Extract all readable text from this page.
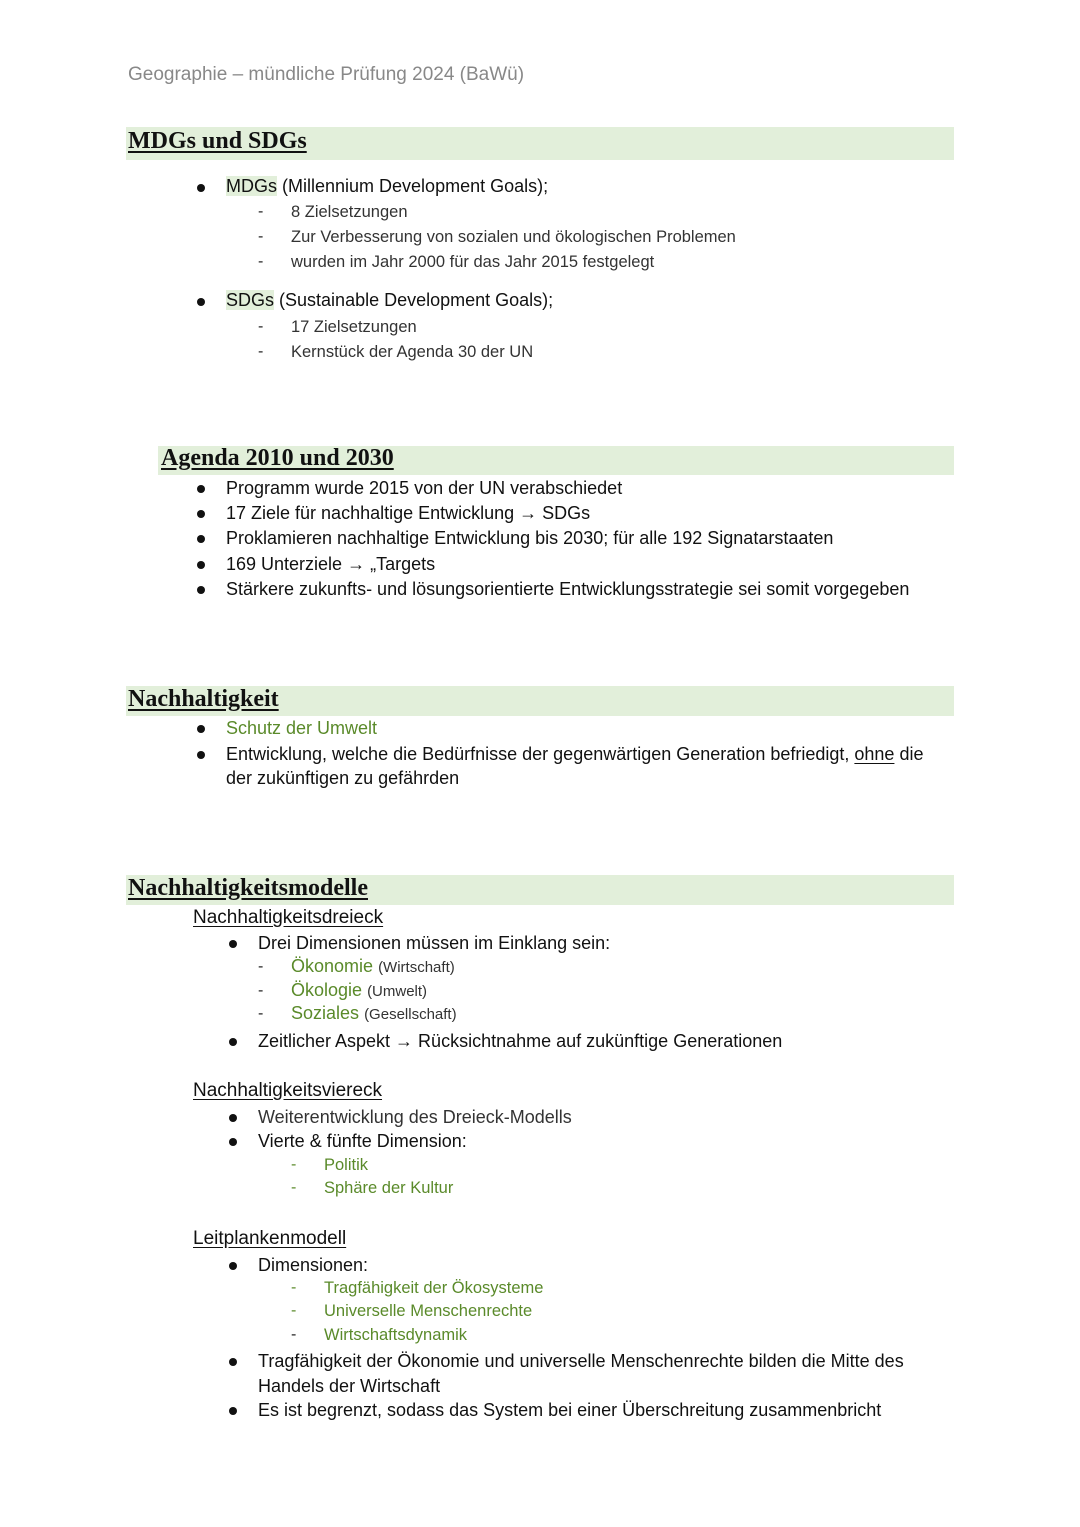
Geographie – mündliche Prüfung 2024 (BaWü)
MDGs und SDGs
MDGs (Millennium Development Goals);
- 8 Zielsetzungen
- Zur Verbesserung von sozialen und ökologischen Problemen
- wurden im Jahr 2000 für das Jahr 2015 festgelegt
SDGs (Sustainable Development Goals);
- 17 Zielsetzungen
- Kernstück der Agenda 30 der UN
Agenda 2010 und 2030
Programm wurde 2015 von der UN verabschiedet
17 Ziele für nachhaltige Entwicklung → SDGs
Proklamieren nachhaltige Entwicklung bis 2030; für alle 192 Signatarstaaten
169 Unterziele → „Targets
Stärkere zukunfts- und lösungsorientierte Entwicklungsstrategie sei somit vorgegeben
Nachhaltigkeit
Schutz der Umwelt
Entwicklung, welche die Bedürfnisse der gegenwärtigen Generation befriedigt, ohne die
der zukünftigen zu gefährden
Nachhaltigkeitsmodelle
Nachhaltigkeitsdreieck
Drei Dimensionen müssen im Einklang sein:
- Ökonomie (Wirtschaft)
- Ökologie (Umwelt)
- Soziales (Gesellschaft)
Zeitlicher Aspekt → Rücksichtnahme auf zukünftige Generationen
Nachhaltigkeitsviereck
Weiterentwicklung des Dreieck-Modells
Vierte & fünfte Dimension:
- Politik
- Sphäre der Kultur
Leitplankenmodell
Dimensionen:
- Tragfähigkeit der Ökosysteme
- Universelle Menschenrechte
- Wirtschaftsdynamik
Tragfähigkeit der Ökonomie und universelle Menschenrechte bilden die Mitte des
Handels der Wirtschaft
Es ist begrenzt, sodass das System bei einer Überschreitung zusammenbricht
